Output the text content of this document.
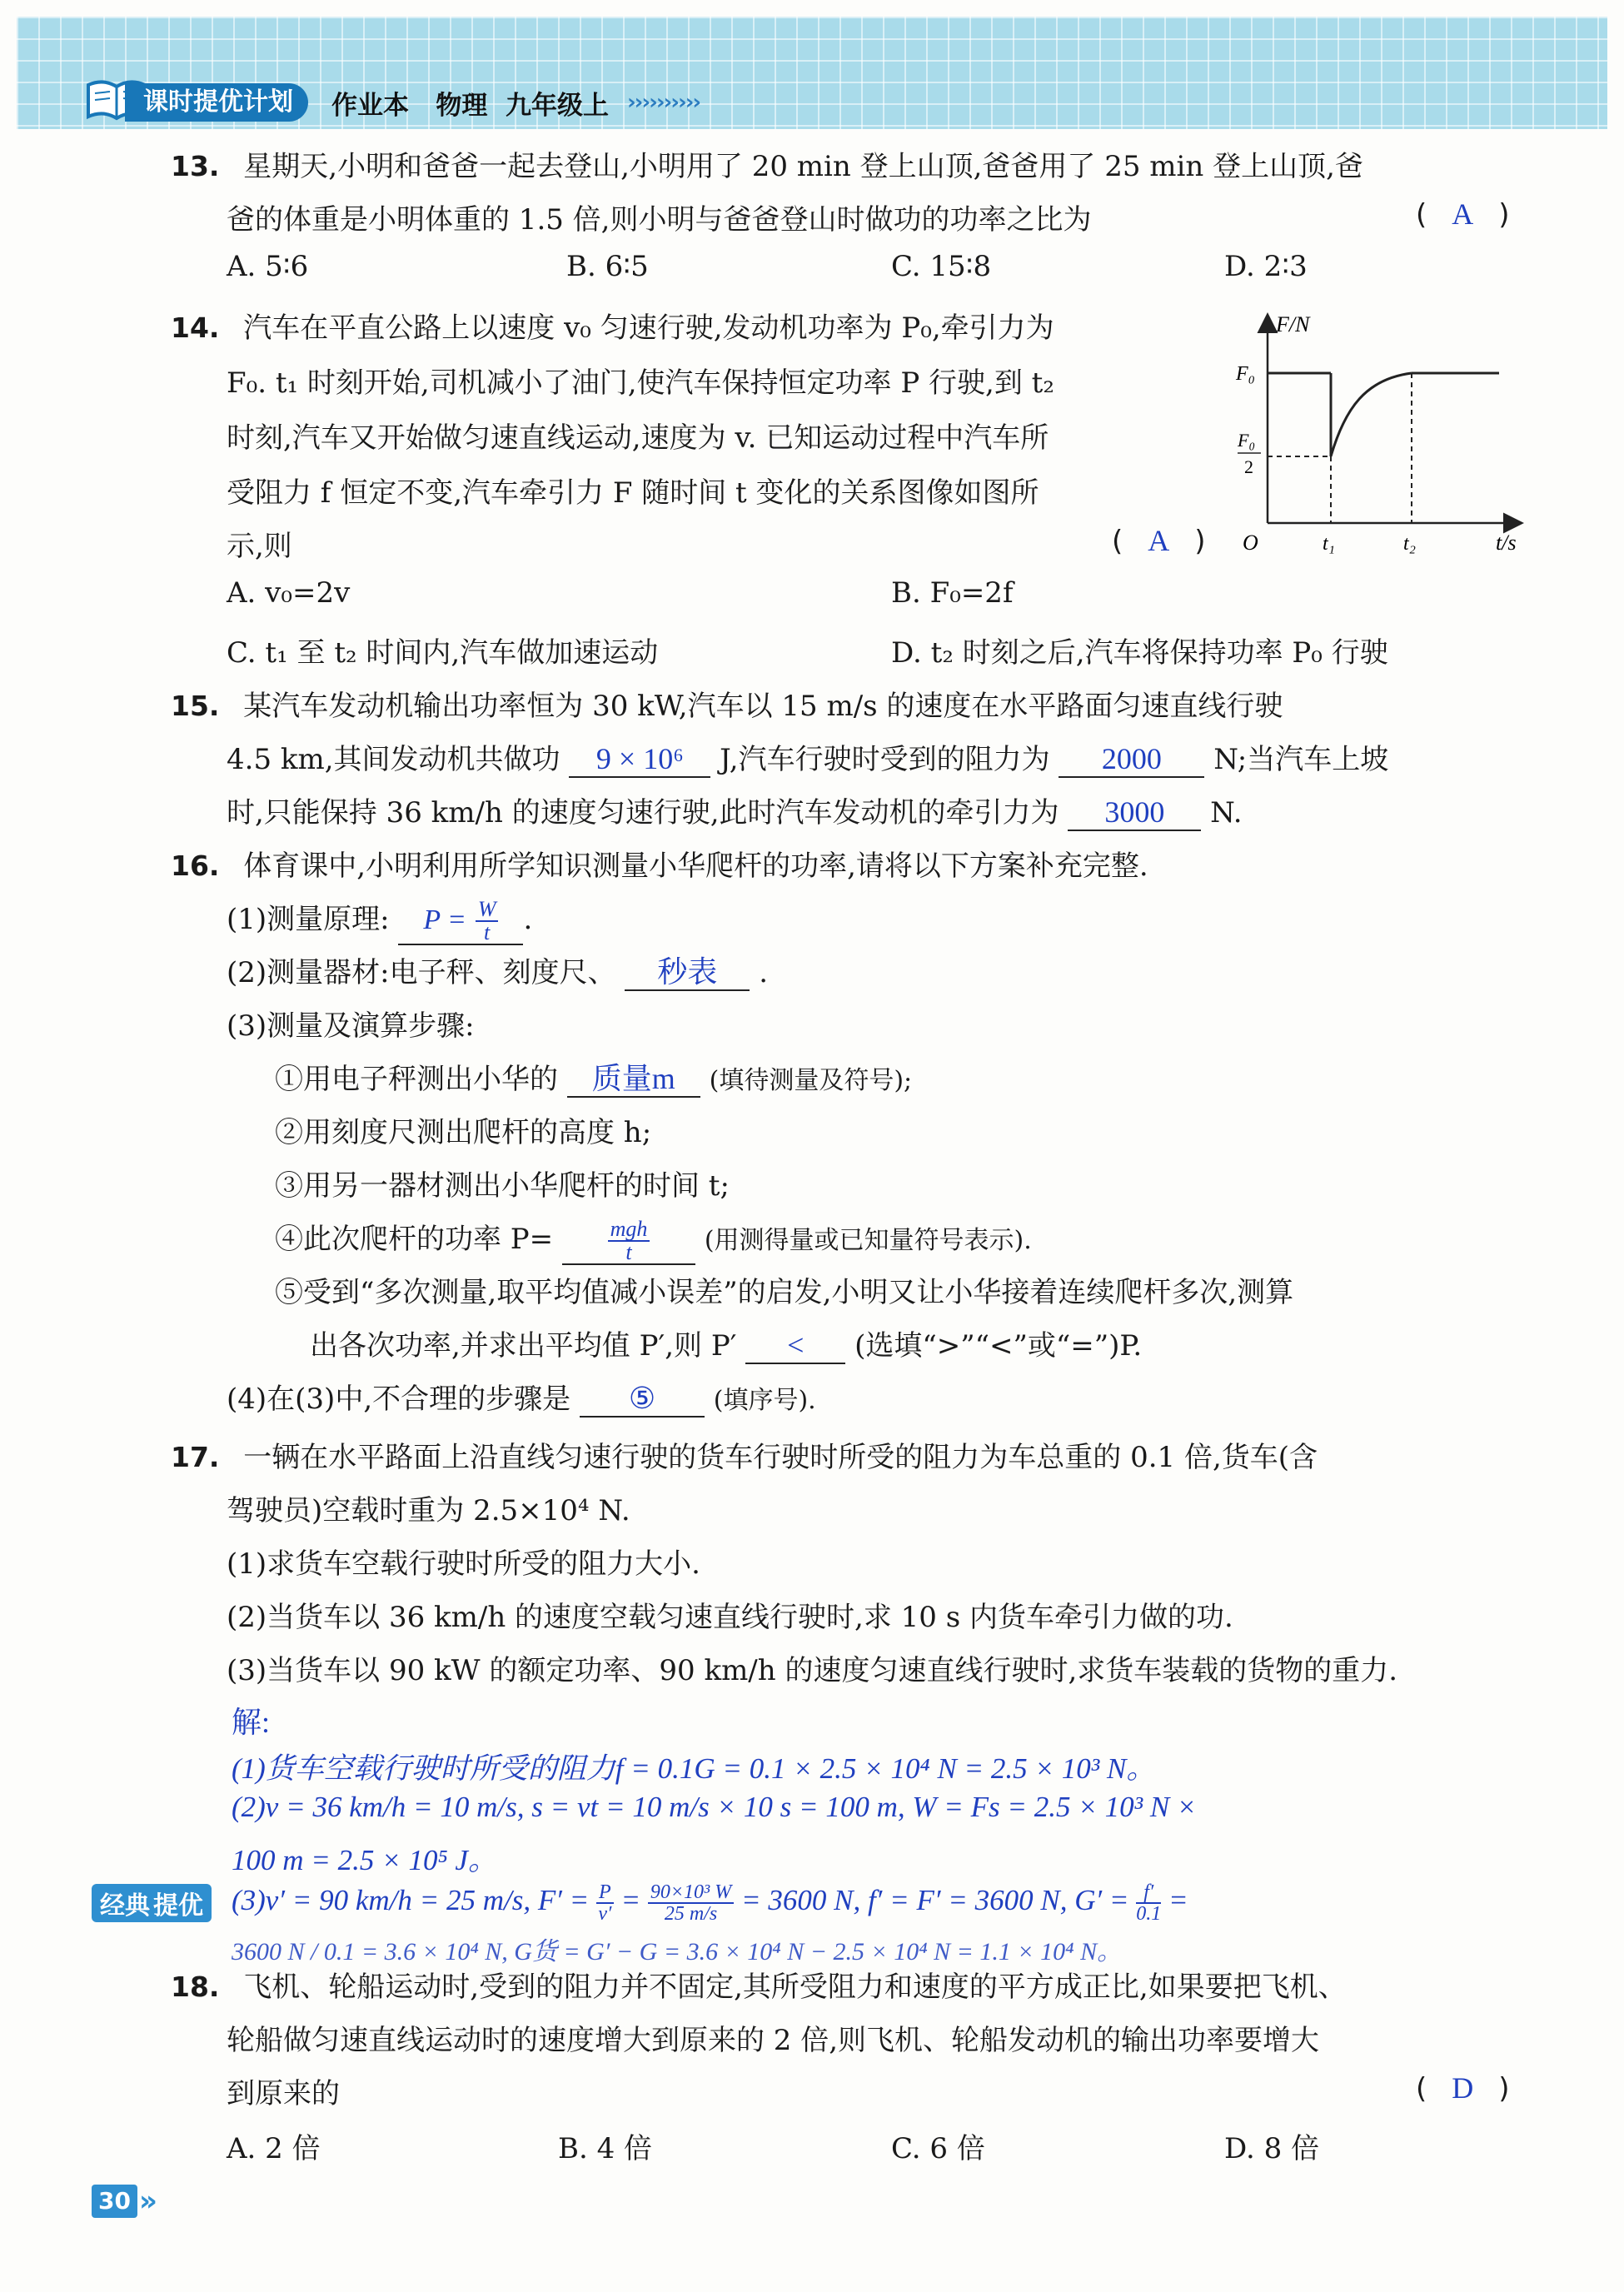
课时提优计划	作业本   物理  九年级上 ››››››››››
13. 星期天,小明和爸爸一起去登山,小明用了 20 min 登上山顶,爸爸用了 25 min 登上山顶,爸
爸的体重是小明体重的 1.5 倍,则小明与爸爸登山时做功的功率之比为	( A )
A. 5∶6	B. 6∶5	C. 15∶8	D. 2∶3
14. 汽车在平直公路上以速度 v₀ 匀速行驶,发动机功率为 P₀,牵引力为
F₀. t₁ 时刻开始,司机减小了油门,使汽车保持恒定功率 P 行驶,到 t₂
时刻,汽车又开始做匀速直线运动,速度为 v. 已知运动过程中汽车所
受阻力 f 恒定不变,汽车牵引力 F 随时间 t 变化的关系图像如图所
示,则	( A )
F/N
t/s
O
F₀
F₀
2
t₁	t₂
A. v₀=2v	B. F₀=2f
C. t₁ 至 t₂ 时间内,汽车做加速运动	D. t₂ 时刻之后,汽车将保持功率 P₀ 行驶
15. 某汽车发动机输出功率恒为 30 kW,汽车以 15 m/s 的速度在水平路面匀速直线行驶
4.5 km,其间发动机共做功 9 × 10⁶ J,汽车行驶时受到的阻力为 2000 N;当汽车上坡
时,只能保持 36 km/h 的速度匀速行驶,此时汽车发动机的牵引力为 3000 N.
16. 体育课中,小明利用所学知识测量小华爬杆的功率,请将以下方案补充完整.
(1)测量原理: $P = \frac{W}{t}$ .
(2)测量器材:电子秤、刻度尺、 秒表 .
(3)测量及演算步骤:
①用电子秤测出小华的 质量m (填待测量及符号);
②用刻度尺测出爬杆的高度 h;
③用另一器材测出小华爬杆的时间 t;
④此次爬杆的功率 P=	$\frac{\text{mgh}}{t}$ (用测得量或已知量符号表示).
⑤受到“多次测量,取平均值减小误差”的启发,小明又让小华接着连续爬杆多次,测算
出各次功率,并求出平均值 P′,则 P′ < (选填“>”“<”或“=”)P.
(4)在(3)中,不合理的步骤是 ⑤ (填序号).
17. 一辆在水平路面上沿直线匀速行驶的货车行驶时所受的阻力为车总重的 0.1 倍,货车(含
驾驶员)空载时重为 2.5×10⁴ N.
(1)求货车空载行驶时所受的阻力大小.
(2)当货车以 36 km/h 的速度空载匀速直线行驶时,求 10 s 内货车牵引力做的功.
(3)当货车以 90 kW 的额定功率、90 km/h 的速度匀速直线行驶时,求货车装载的货物的重力.
解:
(1)货车空载行驶时所受的阻力f = 0.1G = 0.1 × 2.5 × 10⁴ N = 2.5 × 10³ N。
(2)v = 36 km/h = 10 m/s, s = vt = 10 m/s × 10 s = 100 m, W = Fs = 2.5 × 10³ N ×
100 m = 2.5 × 10⁵ J。
(3)v′ = 90 km/h = 25 m/s, $F' = \frac{P}{v'} = \frac{\text{90×10³ W}}{25 m/s} = 3600$ N, f′ = F′ = 3600 N, $G' = \frac{f'}{0.1}$ =
3600 N / 0.1 = 3.6 × 10⁴ N, G货 = G′ − G = 3.6 × 10⁴ N − 2.5 × 10⁴ N = 1.1 × 10⁴ N。
经典 提优
18. 飞机、轮船运动时,受到的阻力并不固定,其所受阻力和速度的平方成正比,如果要把飞机、
轮船做匀速直线运动时的速度增大到原来的 2 倍,则飞机、轮船发动机的输出功率要增大
到原来的	( D )
A. 2 倍	B. 4 倍	C. 6 倍	D. 8 倍
30 »
